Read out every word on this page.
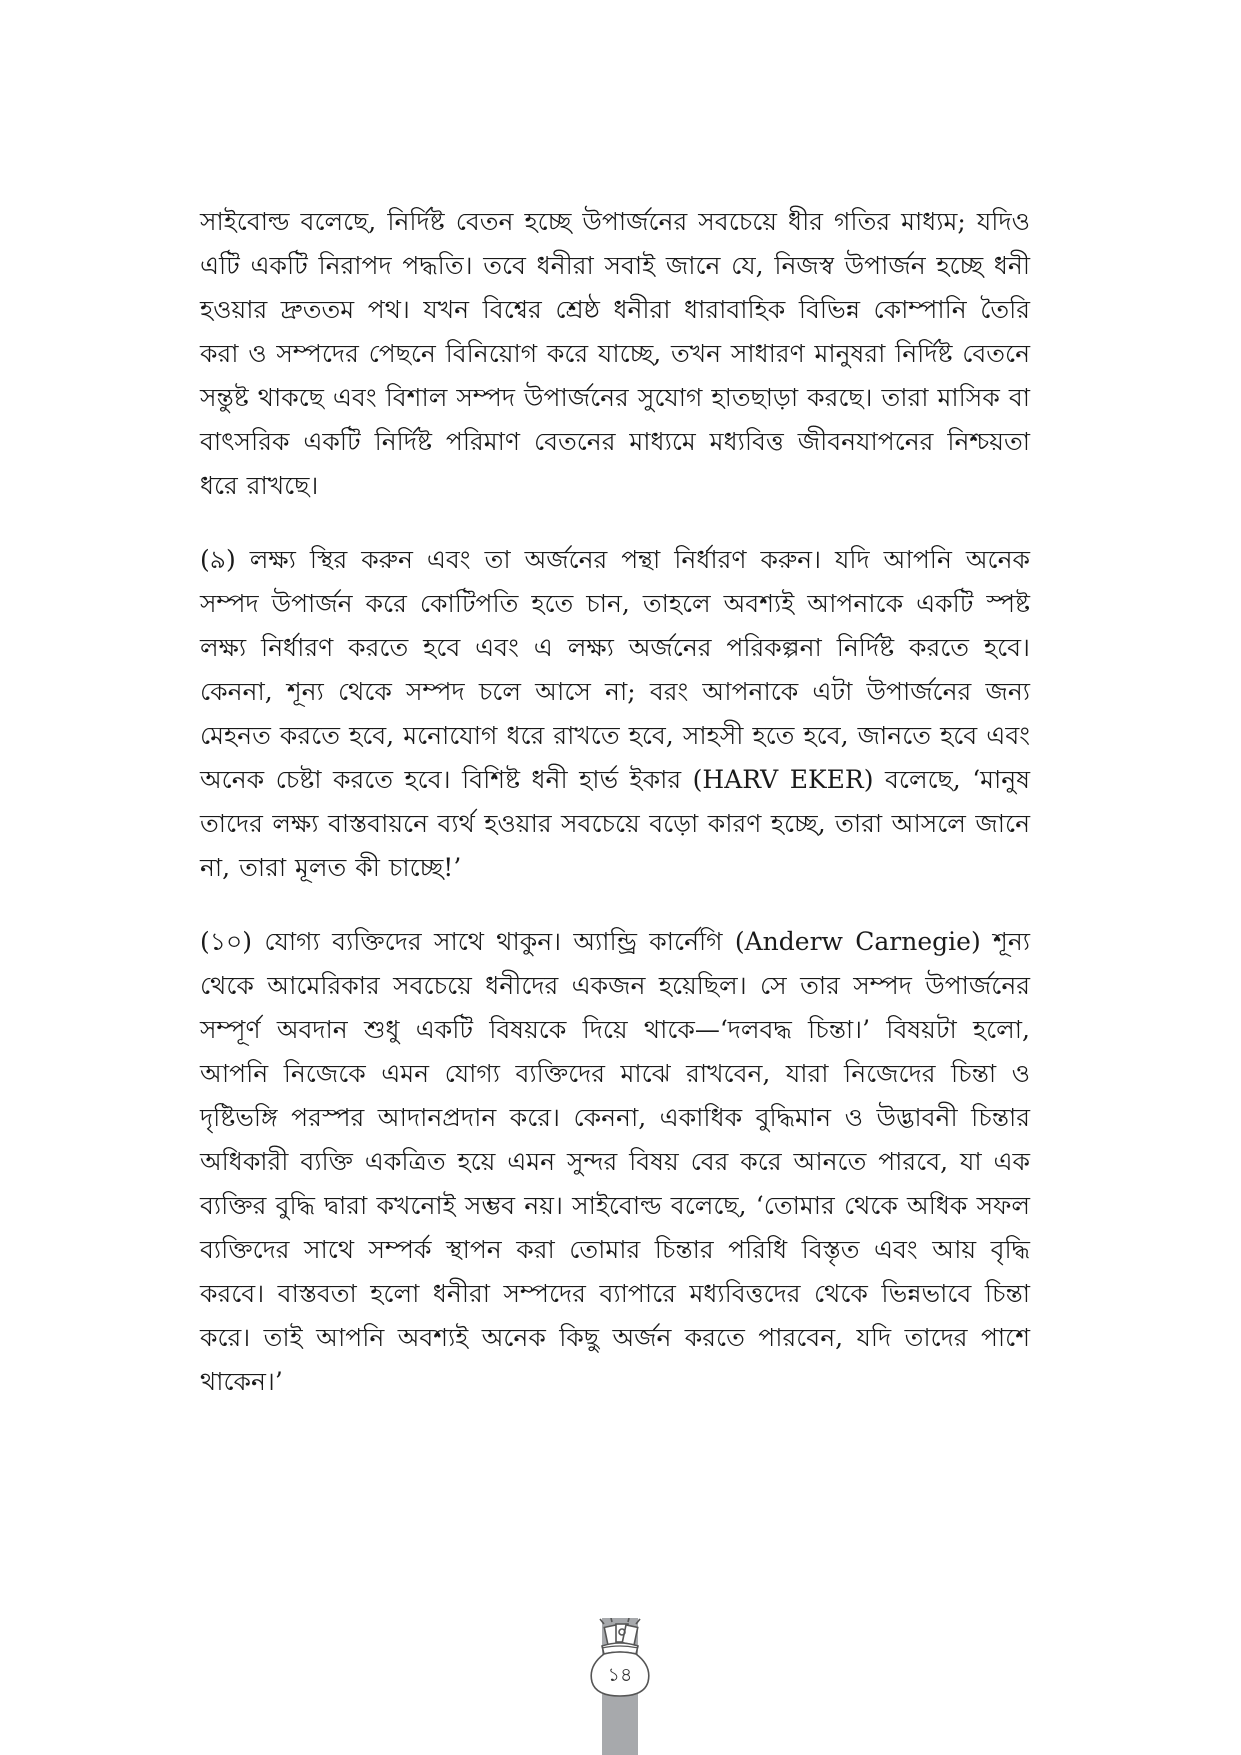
সাইবোল্ড বলেছে, নির্দিষ্ট বেতন হচ্ছে উপার্জনের সবচেয়ে ধীর গতির মাধ্যম; যদিও এটি একটি নিরাপদ পদ্ধতি। তবে ধনীরা সবাই জানে যে, নিজস্ব উপার্জন হচ্ছে ধনী হওয়ার দ্রুততম পথ। যখন বিশ্বের শ্রেষ্ঠ ধনীরা ধারাবাহিক বিভিন্ন কোম্পানি তৈরি করা ও সম্পদের পেছনে বিনিয়োগ করে যাচ্ছে, তখন সাধারণ মানুষরা নির্দিষ্ট বেতনে সন্তুষ্ট থাকছে এবং বিশাল সম্পদ উপার্জনের সুযোগ হাতছাড়া করছে। তারা মাসিক বা বাৎসরিক একটি নির্দিষ্ট পরিমাণ বেতনের মাধ্যমে মধ্যবিত্ত জীবনযাপনের নিশ্চয়তা ধরে রাখছে।

(৯) লক্ষ্য স্থির করুন এবং তা অর্জনের পন্থা নির্ধারণ করুন। যদি আপনি অনেক সম্পদ উপার্জন করে কোটিপতি হতে চান, তাহলে অবশ্যই আপনাকে একটি স্পষ্ট লক্ষ্য নির্ধারণ করতে হবে এবং এ লক্ষ্য অর্জনের পরিকল্পনা নির্দিষ্ট করতে হবে। কেননা, শূন্য থেকে সম্পদ চলে আসে না; বরং আপনাকে এটা উপার্জনের জন্য মেহনত করতে হবে, মনোযোগ ধরে রাখতে হবে, সাহসী হতে হবে, জানতে হবে এবং অনেক চেষ্টা করতে হবে। বিশিষ্ট ধনী হার্ভ ইকার (HARV EKER) বলেছে, ‘মানুষ তাদের লক্ষ্য বাস্তবায়নে ব্যর্থ হওয়ার সবচেয়ে বড়ো কারণ হচ্ছে, তারা আসলে জানে না, তারা মূলত কী চাচ্ছে!’

(১০) যোগ্য ব্যক্তিদের সাথে থাকুন। অ্যান্ড্রি কার্নেগি (Anderw Carnegie) শূন্য থেকে আমেরিকার সবচেয়ে ধনীদের একজন হয়েছিল। সে তার সম্পদ উপার্জনের সম্পূর্ণ অবদান শুধু একটি বিষয়কে দিয়ে থাকে—‘দলবদ্ধ চিন্তা।’ বিষয়টা হলো, আপনি নিজেকে এমন যোগ্য ব্যক্তিদের মাঝে রাখবেন, যারা নিজেদের চিন্তা ও দৃষ্টিভঙ্গি পরস্পর আদানপ্রদান করে। কেননা, একাধিক বুদ্ধিমান ও উদ্ভাবনী চিন্তার অধিকারী ব্যক্তি একত্রিত হয়ে এমন সুন্দর বিষয় বের করে আনতে পারবে, যা এক ব্যক্তির বুদ্ধি দ্বারা কখনোই সম্ভব নয়। সাইবোল্ড বলেছে, ‘তোমার থেকে অধিক সফল ব্যক্তিদের সাথে সম্পর্ক স্থাপন করা তোমার চিন্তার পরিধি বিস্তৃত এবং আয় বৃদ্ধি করবে। বাস্তবতা হলো ধনীরা সম্পদের ব্যাপারে মধ্যবিত্তদের থেকে ভিন্নভাবে চিন্তা করে। তাই আপনি অবশ্যই অনেক কিছু অর্জন করতে পারবেন, যদি তাদের পাশে থাকেন।’

১৪
